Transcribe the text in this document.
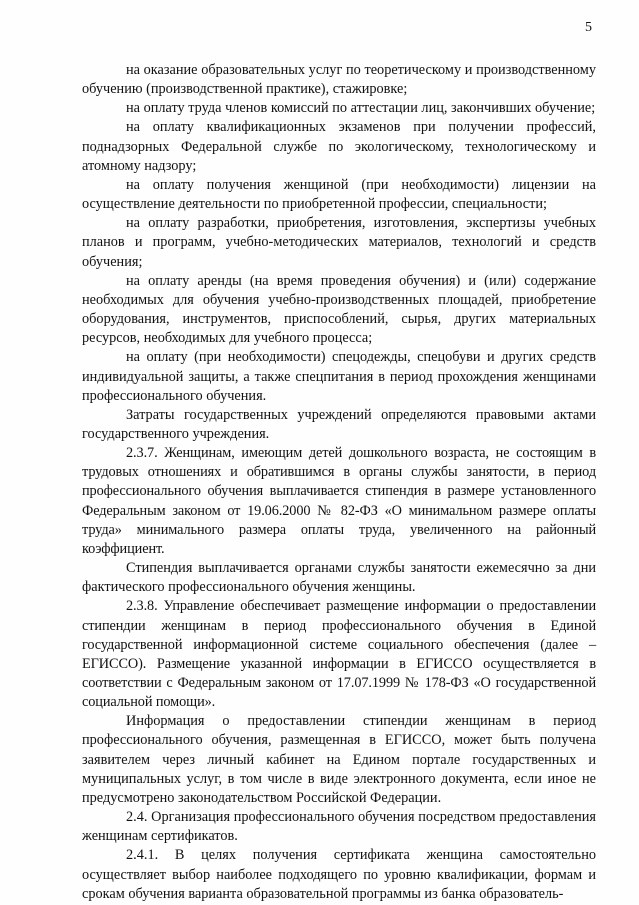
5

на оказание образовательных услуг по теоретическому и производственному обучению (производственной практике), стажировке;

на оплату труда членов комиссий по аттестации лиц, закончивших обучение;

на оплату квалификационных экзаменов при получении профессий, поднадзорных Федеральной службе по экологическому, технологическому и атомному надзору;

на оплату получения женщиной (при необходимости) лицензии на осуществление деятельности по приобретенной профессии, специальности;

на оплату разработки, приобретения, изготовления, экспертизы учебных планов и программ, учебно-методических материалов, технологий и средств обучения;

на оплату аренды (на время проведения обучения) и (или) содержание необходимых для обучения учебно-производственных площадей, приобретение оборудования, инструментов, приспособлений, сырья, других материальных ресурсов, необходимых для учебного процесса;

на оплату (при необходимости) спецодежды, спецобуви и других средств индивидуальной защиты, а также спецпитания в период прохождения женщинами профессионального обучения.

Затраты государственных учреждений определяются правовыми актами государственного учреждения.

2.3.7. Женщинам, имеющим детей дошкольного возраста, не состоящим в трудовых отношениях и обратившимся в органы службы занятости, в период профессионального обучения выплачивается стипендия в размере установленного Федеральным законом от 19.06.2000 № 82-ФЗ «О минимальном размере оплаты труда» минимального размера оплаты труда, увеличенного на районный коэффициент.

Стипендия выплачивается органами службы занятости ежемесячно за дни фактического профессионального обучения женщины.

2.3.8. Управление обеспечивает размещение информации о предоставлении стипендии женщинам в период профессионального обучения в Единой государственной информационной системе социального обеспечения (далее – ЕГИССО). Размещение указанной информации в ЕГИССО осуществляется в соответствии с Федеральным законом от 17.07.1999 № 178-ФЗ «О государственной социальной помощи».

Информация о предоставлении стипендии женщинам в период профессионального обучения, размещенная в ЕГИССО, может быть получена заявителем через личный кабинет на Едином портале государственных и муниципальных услуг, в том числе в виде электронного документа, если иное не предусмотрено законодательством Российской Федерации.

2.4. Организация профессионального обучения посредством предоставления женщинам сертификатов.

2.4.1. В целях получения сертификата женщина самостоятельно осуществляет выбор наиболее подходящего по уровню квалификации, формам и срокам обучения варианта образовательной программы из банка образователь-
